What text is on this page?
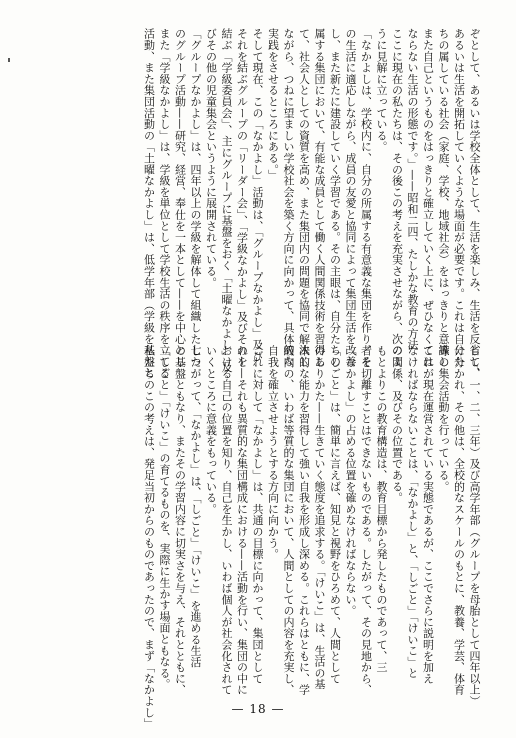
ぞとして、あるいは学校全体として、生活を楽しみ、生活を反省し、
あるいは生活を開拓していくような場面が必要です。これは自分た
ちの属している社会（家庭、学校、地域社会）をはっきりと意識し
また自己というものをはっきりと確立していく上に、ぜひなくては
ならない生活の形態です。」——昭和二四、たしかな教育の方法
ここに現在の私たちは、その後この考えを充実させながら、次のよ
うに見解に立っている。
「なかよしは、学校内に、自分の所属する有意義な集団を作り、そ
の生活に適応しながら、成員の友愛と協同によって集団生活を改善
し、また新たに建設していく学習である。その主眼は、自分たちの
属する集団において、有能な成員として働く人間関係技術を習得し
て、社会人としての資質を高め、また集団内の問題を協同で解決し
ながら、つねに望ましい学校社会を築く方向に向かって、具体的な
実践をさせるところにある。」
そして現在、この「なかよし」活動は、「グループなかよし」及び
それを結ぶグループの「リーダー会」、「学級なかよし」及びそれを
結ぶ「学級委員会」、主にグループに基盤をおく「土曜なかよし」及
びその他の児童集会というように展開されている。
「グループなかよし」は、四年以上の学級を解体して組織した七つ
のグループ活動——研究、経営、奉仕を一本として——を中心とし
また「学級なかよし」は、学級を単位として学校生活の秩序を立てる
活動、また集団活動の「土曜なかよし」は、低学年部（学級を基盤と
して、一、二、三年）及び高学年部（グループを母胎として四年以上）
に分かれ、その他は、全校的なスケールのもとに、教養、学芸、体育
等の集会活動を行っている。
これが現在運営されている実態であるが、ここでさらに説明を加え
なければならないことは、「なかよし」と、「しごと」「けいこ」と
の関係、及びその位置である。
もとよりこの教育構造は、教育目標から発したものであって、三
者を切離すことはできないものである。したがって、その見地から、
「なかよし」の占める位置を確めなければならない。
「しごと」は、簡単に言えば、知見と視野をひろめて、人間として
のありかた——生きていく態度を追求する。「けいこ」は、生活の基
本的な能力を習得して強い自我を形成し深める。これらはともに、学
級内の、いわば等質的な集団において、人間としての内容を充実し、
自我を確立させようとする方向に向かう。
これに対して「なかよし」は、共通の目標に向かって、集団として
の——それも異質的な集団構成における——活動を行い、集団の中に
おける自己の位置を知り、自己を生かし、いわば個人が社会化されて
いくところに意義をもっている。
したがって、「なかよし」は、「しごと」「けいこ」を進める生活
の基盤ともなり、またその学習内容に切実さを与え、それとともに、
「しごと」「けいこ」の育てるものを、実際に生かす場面ともなる。
私たちのこの考えは、発足当初からのものであったので、まず「なかよし」	— 18 —
